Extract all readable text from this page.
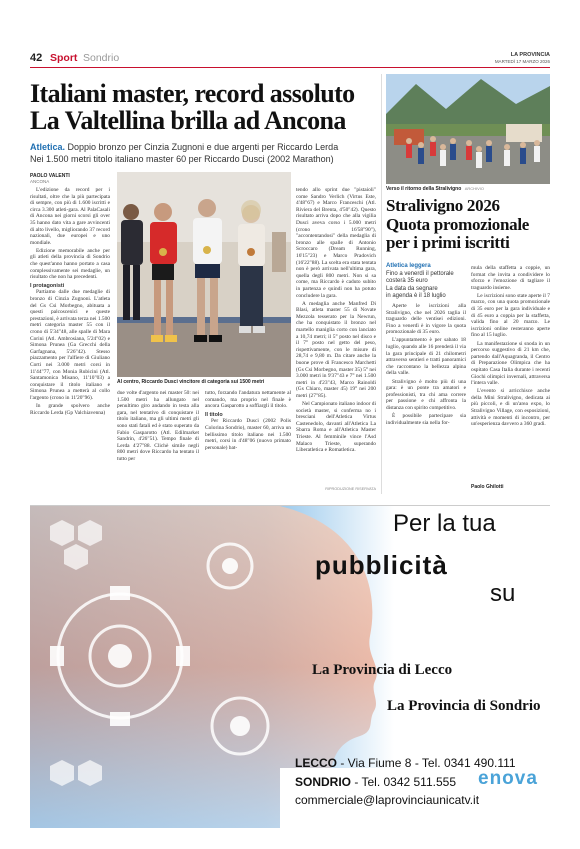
42 Sport Sondrio	LA PROVINCIA
MARTEDÌ 17 MARZO 2026
Italiani master, record assoluto
La Valtellina brilla ad Ancona
Atletica. Doppio bronzo per Cinzia Zugnoni e due argenti per Riccardo Lerda
Nei 1.500 metri titolo italiano master 60 per Riccardo Dusci (2002 Marathon)
PAOLO VALENTI
ANCONA

L'edizione da record per i risultati, oltre che la più partecipata di sempre, con più di 1.600 iscritti e circa 3.300 atleti-gara. Al PalaCasali di Ancona nei giorni scorsi gli over 35 hanno dato vita a gare avvincenti di alto livello, migliorando 37 record nazionali, due europei e uno mondiale.

Edizione memorabile anche per gli atleti della provincia di Sondrio che quest'anno hanno portato a casa complessivamente sei medaglie, un risultato che non ha precedenti.

I protagonisti

Partiamo dalle due medaglie di bronzo di Cinzia Zugnoni. L'atleta del Gs Csi Morbegno, abituata a questi palcoscenici e queste prestazioni, è arrivata terza nei 1.500 metri categoria master 55 con il crono di 5'34"48, alle spalle di Mara Corini (Atl. Ambrosiana, 5'24"02) e Simona Prunea (Ga Grecchi della Garfagnana, 5'26"42). Stesso piazzamento per l'alfiere di Giuliano Corti nei 3.000 metri corsi in 11'44"77, con Monia Rubicini (Atl. Santamonica Misano, 11'10"03) a conquistare il titolo italiano e Simona Prunea a metterà al collo l'argento (crono in 11'20"96).

In grande spolvero anche Riccardo Lerda (Gp Valchiavenna)

Al centro, Riccardo Dusci vincitore di categoria sui 1500 metri

due volte d'argento nei master 50: nei 1.500 metri ha allungato nel penultimo giro andando in testa alla gara, nel tentativo di conquistare il titolo italiano, ma gli ultimi metri gli sono stati fatali ed è stato superato da Fabio Gasparotto (Atl. Edilmarket Sandrin, 4'26"51). Tempo finale di Lerda 4'27"88. Clichè simile negli 800 metri dove Riccardo ha tentato il tutto per

tutto, forzando l'andatura nettamente al comando, ma proprio nel finale è ancora Gasparotto a soffiargli il titolo.

Il titolo

Per Riccardo Dusci (2002 Polis Colorina Sondrio), master 60, arriva un bellissimo titolo italiano nei 1.500 metri, corsi in 4'48"06 (nuovo primato personale) bat-

tendo allo sprint due "pistaioli" come Sandro Verlich (Virtus Este, 4'48"67) e Marco Franceschi (Atl. Riviera del Brenta, 4'50"42). Questo risultato arriva dopo che alla vigilia Dusci aveva corso i 5.000 metri (crono 16'58"90"), "accontentandosi" della medaglia di bronzo alle spalle di Antonio Scroccaro (Dream Running, 16'15"23) e Marco Pradovich (16'22"88). La scelta era stata tentata non è però arrivata nell'ultima gara, quella degli 800 metri. Non si sa come, ma Riccardo è caduto subito in partenza e quindi non ha potuto concludere la gara.

A medaglia anche Manfred Di Blasi, atleta master 55 di Novate Mezzola tesserato per la Newrun, che ha conquistato il bronzo nel martello maniglia corto con lanciato a 10,74 metri; il 5° posto nel disco e il 7° posto nel getto del peso, rispettivamente, con le misure di 28,74 e 9,80 m. Da citare anche la buone prove di Francesco Marchetti (Gs Csi Morbegno, master 35) 5° nei 3.000 metri in 9'37"43 e 7° nei 1.500 metri in 4'23"43, Marco Rainoldi (Gs Chiaro, master 45) 19° nei 200 metri (27"85).

Nel Campionato italiano indoor di società master, si conferma no i bresciani dell'Atletica Virtus Castenedolo, davanti all'Atletica La Sbarra Roma e all'Atletica Master Trieste. Al femminile vince l'Asd Malaco Trieste, superando Liberatletica e Romatletica.

RIPRODUZIONE RISERVATA
Verso il ritorno della Stralivigno ARCHIVIO
Stralivigno 2026
Quota promozionale
per i primi iscritti
Atletica leggera
Fino a venerdì il pettorale
costerà 35 euro
La data da segnare
in agenda è il 18 luglio

Aperte le iscrizioni alla Stralivigno, che nel 2026 taglia il traguardo delle ventisei edizioni. Fino a venerdì è in vigore la quota promozionale di 35 euro.

L'appuntamento è per sabato 18 luglio, quando alle 16 prenderà il via la gara principale di 21 chilometri attraverso sentieri e tratti panoramici che raccontano la bellezza alpina della valle.

Stralivigno è molto più di una gara: è un ponte tra amatori e professionisti, tra chi ama correre per passione e chi affronta la distanza con spirito competitivo.

È possibile partecipare sia individualmente sia nella for-

mula della staffetta a coppie, un format che invita a condividere lo sforzo e l'emozione di tagliare il traguardo insieme.

Le iscrizioni sono state aperte il 7 marzo, con una quota promozionale di 35 euro per la gara individuale e di 45 euro a coppia per la staffetta, valida fino al 20 marzo. Le iscrizioni online resteranno aperte fino al 15 luglio.

La manifestazione si snoda in un percorso suggestivo di 21 km che, partendo dall'Aquagranda, il Centro di Preparazione Olimpica che ha ospitato Casa Italia durante i recenti Giochi olimpici invernali, attraversa l'intera valle.

L'evento si arricchisce anche della Mini Stralivigno, dedicata ai più piccoli, e di un'area expo, lo Stralivigno Village, con esposizioni, attività e momenti di incontro, per un'esperienza davvero a 360 gradi.

Paolo Ghilotti
Per la tua
pubblicità
su
La Provincia di Lecco
La Provincia di Sondrio
LECCO - Via Fiume 8 - Tel. 0341 490.111
SONDRIO - Tel. 0342 511.555
commerciale@laprovinciaunicatv.it
enova
